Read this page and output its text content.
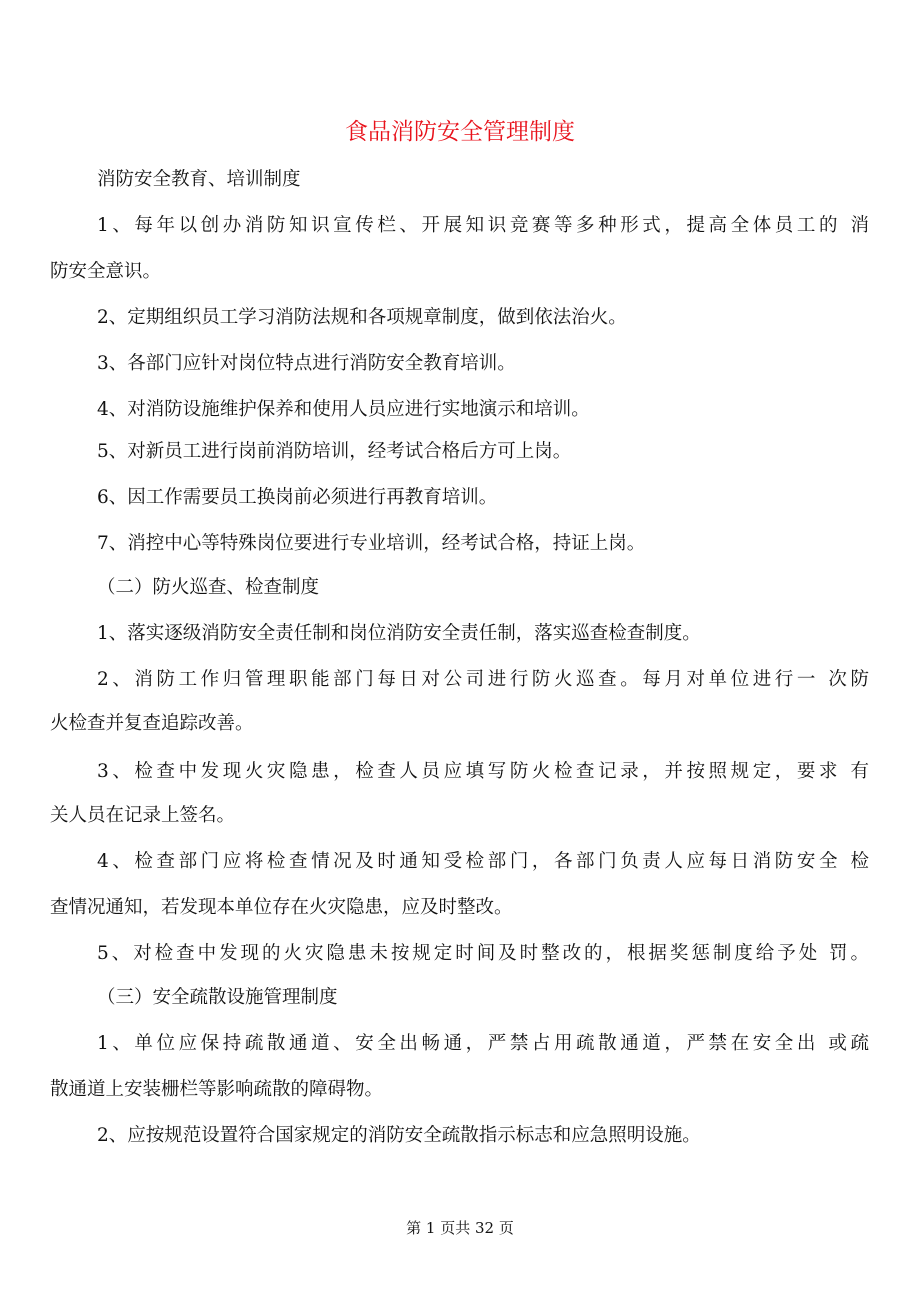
食品消防安全管理制度
消防安全教育、培训制度
1、每年以创办消防知识宣传栏、开展知识竞赛等多种形式，提高全体员工的 消
防安全意识。
2、定期组织员工学习消防法规和各项规章制度，做到依法治火。
3、各部门应针对岗位特点进行消防安全教育培训。
4、对消防设施维护保养和使用人员应进行实地演示和培训。
5、对新员工进行岗前消防培训，经考试合格后方可上岗。
6、因工作需要员工换岗前必须进行再教育培训。
7、消控中心等特殊岗位要进行专业培训，经考试合格，持证上岗。
（二）防火巡查、检查制度
1、落实逐级消防安全责任制和岗位消防安全责任制，落实巡查检查制度。
2、消防工作归管理职能部门每日对公司进行防火巡查。每月对单位进行一 次防
火检查并复查追踪改善。
3、检查中发现火灾隐患，检查人员应填写防火检查记录，并按照规定，要求 有
关人员在记录上签名。
4、检查部门应将检查情况及时通知受检部门，各部门负责人应每日消防安全 检
查情况通知，若发现本单位存在火灾隐患，应及时整改。
5、对检查中发现的火灾隐患未按规定时间及时整改的，根据奖惩制度给予处 罚。
（三）安全疏散设施管理制度
1、单位应保持疏散通道、安全出畅通，严禁占用疏散通道，严禁在安全出 或疏
散通道上安装栅栏等影响疏散的障碍物。
2、应按规范设置符合国家规定的消防安全疏散指示标志和应急照明设施。
第 1 页共 32 页
